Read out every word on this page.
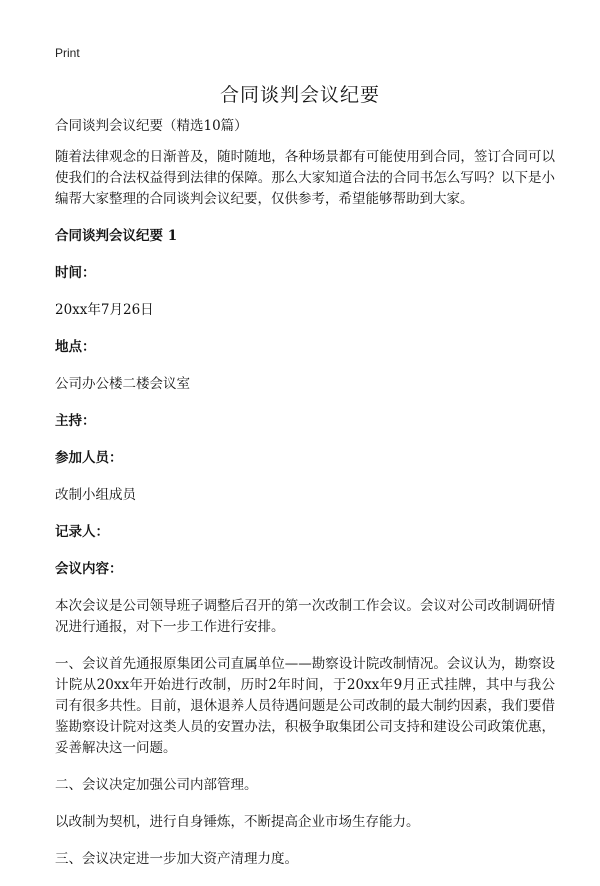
Print
合同谈判会议纪要

合同谈判会议纪要（精选10篇）

随着法律观念的日渐普及，随时随地，各种场景都有可能使用到合同，签订合同可以使我们的合法权益得到法律的保障。那么大家知道合法的合同书怎么写吗？以下是小编帮大家整理的合同谈判会议纪要，仅供参考，希望能够帮助到大家。

合同谈判会议纪要 1

时间：

20xx年7月26日

地点：

公司办公楼二楼会议室

主持：

参加人员：

改制小组成员

记录人：

会议内容：

本次会议是公司领导班子调整后召开的第一次改制工作会议。会议对公司改制调研情况进行通报，对下一步工作进行安排。

一、会议首先通报原集团公司直属单位——勘察设计院改制情况。会议认为，勘察设计院从20xx年开始进行改制，历时2年时间，于20xx年9月正式挂牌，其中与我公司有很多共性。目前，退休退养人员待遇问题是公司改制的最大制约因素，我们要借鉴勘察设计院对这类人员的安置办法，积极争取集团公司支持和建设公司政策优惠，妥善解决这一问题。

二、会议决定加强公司内部管理。

以改制为契机，进行自身锤炼，不断提高企业市场生存能力。

三、会议决定进一步加大资产清理力度。
